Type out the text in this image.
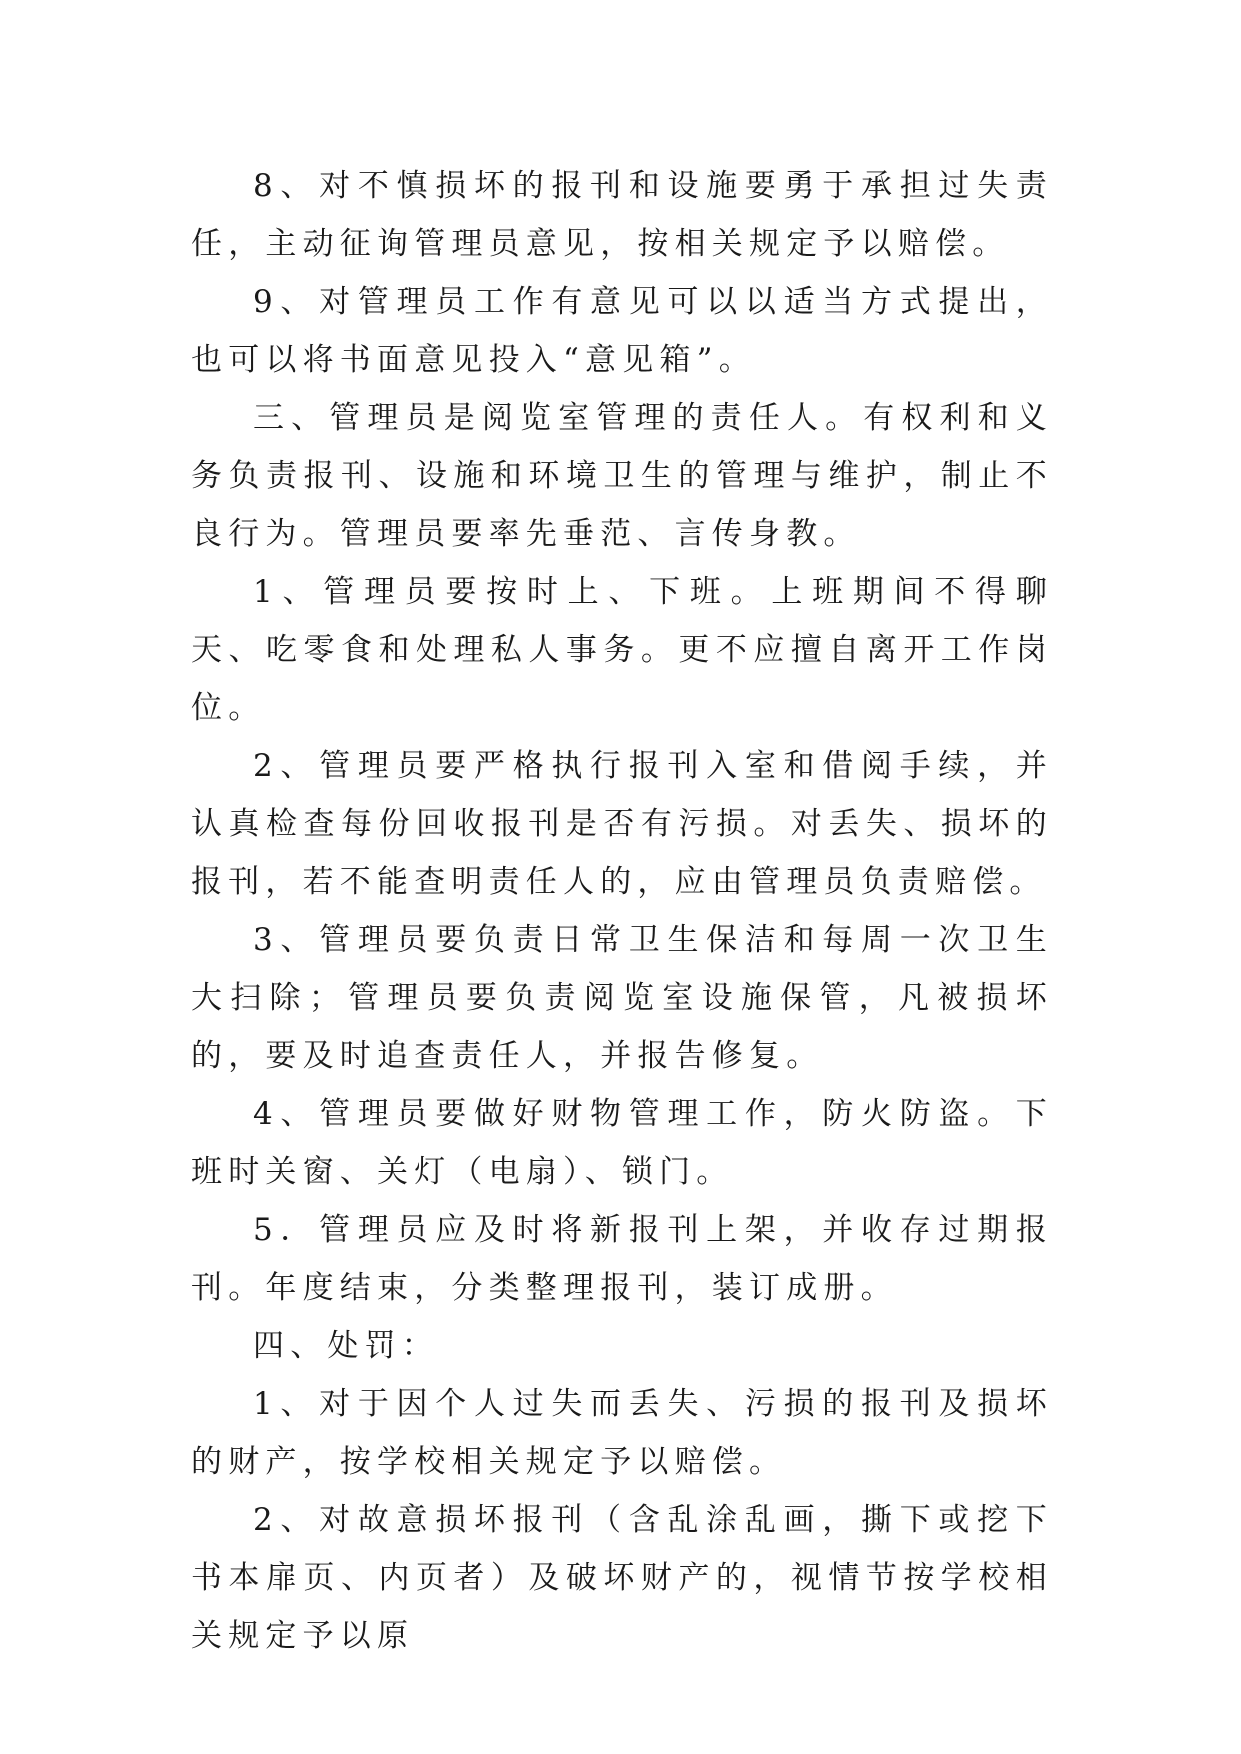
8、对不慎损坏的报刊和设施要勇于承担过失责任，主动征询管理员意见，按相关规定予以赔偿。

9、对管理员工作有意见可以以适当方式提出，也可以将书面意见投入“意见箱”。

三、管理员是阅览室管理的责任人。有权利和义务负责报刊、设施和环境卫生的管理与维护，制止不良行为。管理员要率先垂范、言传身教。

1、管理员要按时上、下班。上班期间不得聊天、吃零食和处理私人事务。更不应擅自离开工作岗位。

2、管理员要严格执行报刊入室和借阅手续，并认真检查每份回收报刊是否有污损。对丢失、损坏的报刊，若不能查明责任人的，应由管理员负责赔偿。

3、管理员要负责日常卫生保洁和每周一次卫生大扫除；管理员要负责阅览室设施保管，凡被损坏的，要及时追查责任人，并报告修复。

4、管理员要做好财物管理工作，防火防盗。下班时关窗、关灯（电扇）、锁门。

5．管理员应及时将新报刊上架，并收存过期报刊。年度结束，分类整理报刊，装订成册。

四、处罚：

1、对于因个人过失而丢失、污损的报刊及损坏的财产，按学校相关规定予以赔偿。

2、对故意损坏报刊（含乱涂乱画，撕下或挖下书本扉页、内页者）及破坏财产的，视情节按学校相关规定予以原
